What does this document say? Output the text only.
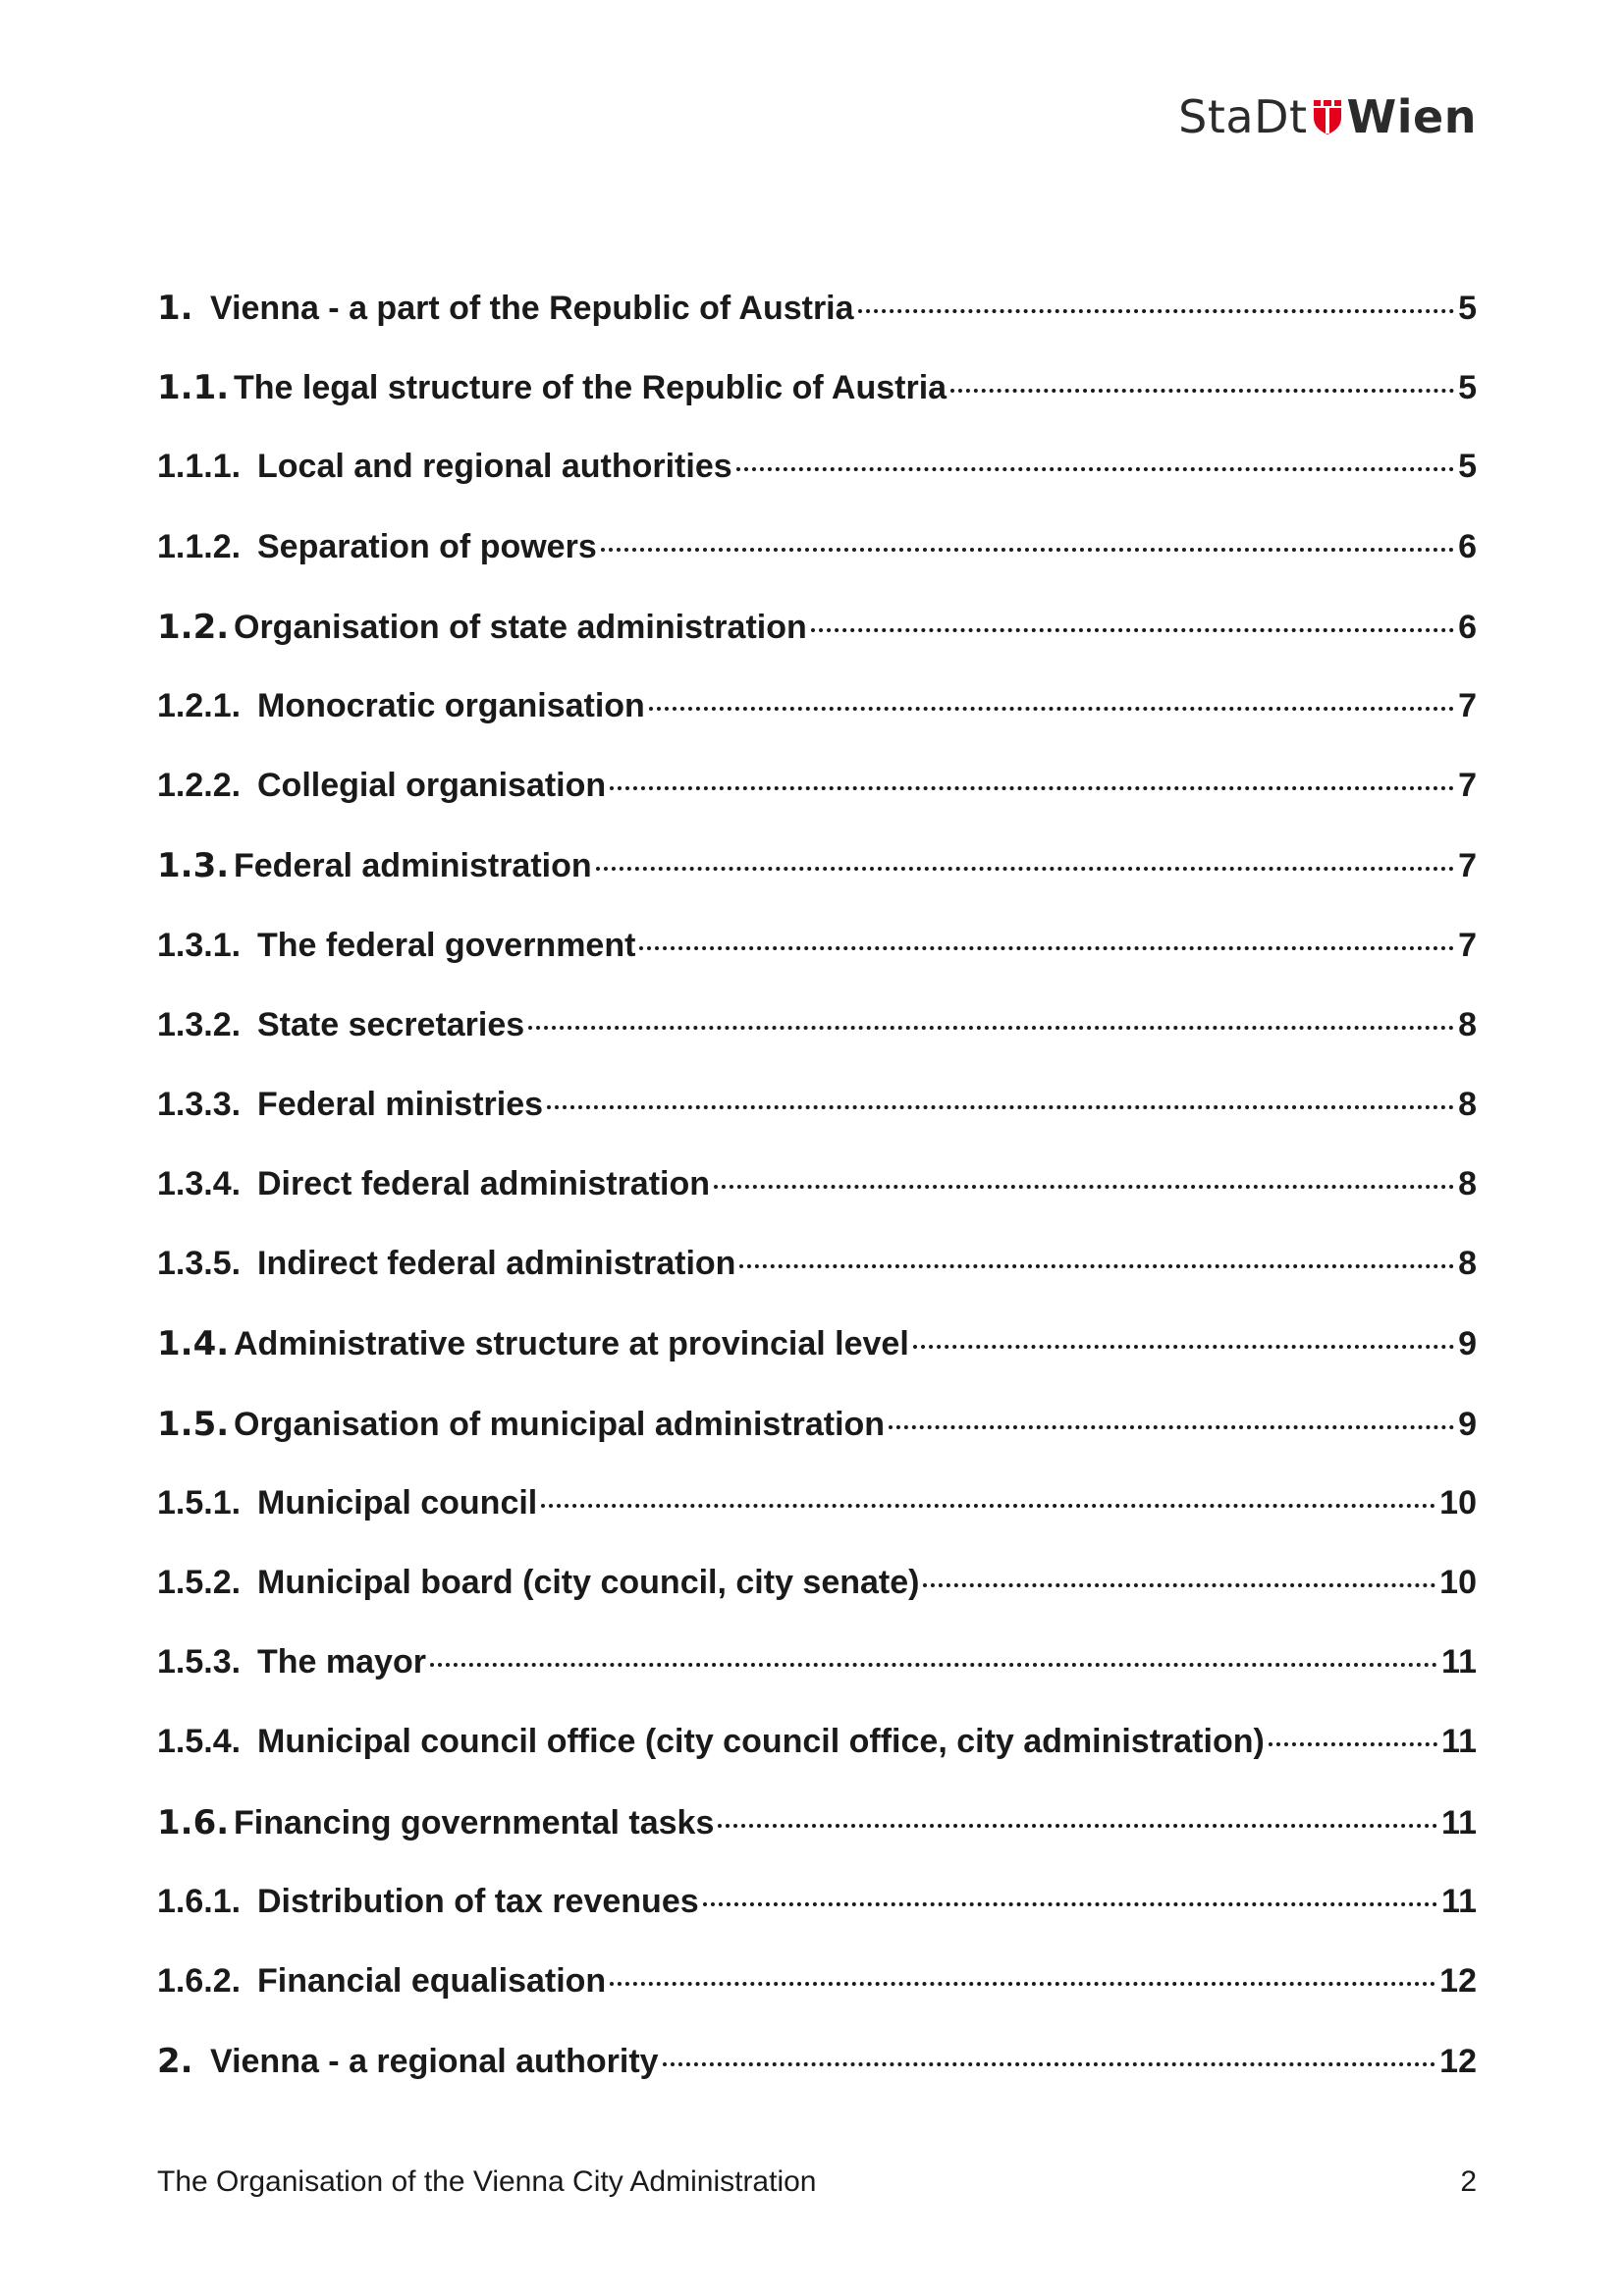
StaDt Wien
1. Vienna - a part of the Republic of Austria	5
1.1. The legal structure of the Republic of Austria	5
1.1.1. Local and regional authorities	5
1.1.2. Separation of powers	6
1.2. Organisation of state administration	6
1.2.1. Monocratic organisation	7
1.2.2. Collegial organisation	7
1.3. Federal administration	7
1.3.1. The federal government	7
1.3.2. State secretaries	8
1.3.3. Federal ministries	8
1.3.4. Direct federal administration	8
1.3.5. Indirect federal administration	8
1.4. Administrative structure at provincial level	9
1.5. Organisation of municipal administration	9
1.5.1. Municipal council	10
1.5.2. Municipal board (city council, city senate)	10
1.5.3. The mayor	11
1.5.4. Municipal council office (city council office, city administration)	11
1.6. Financing governmental tasks	11
1.6.1. Distribution of tax revenues	11
1.6.2. Financial equalisation	12
2. Vienna - a regional authority	12
The Organisation of the Vienna City Administration	2
